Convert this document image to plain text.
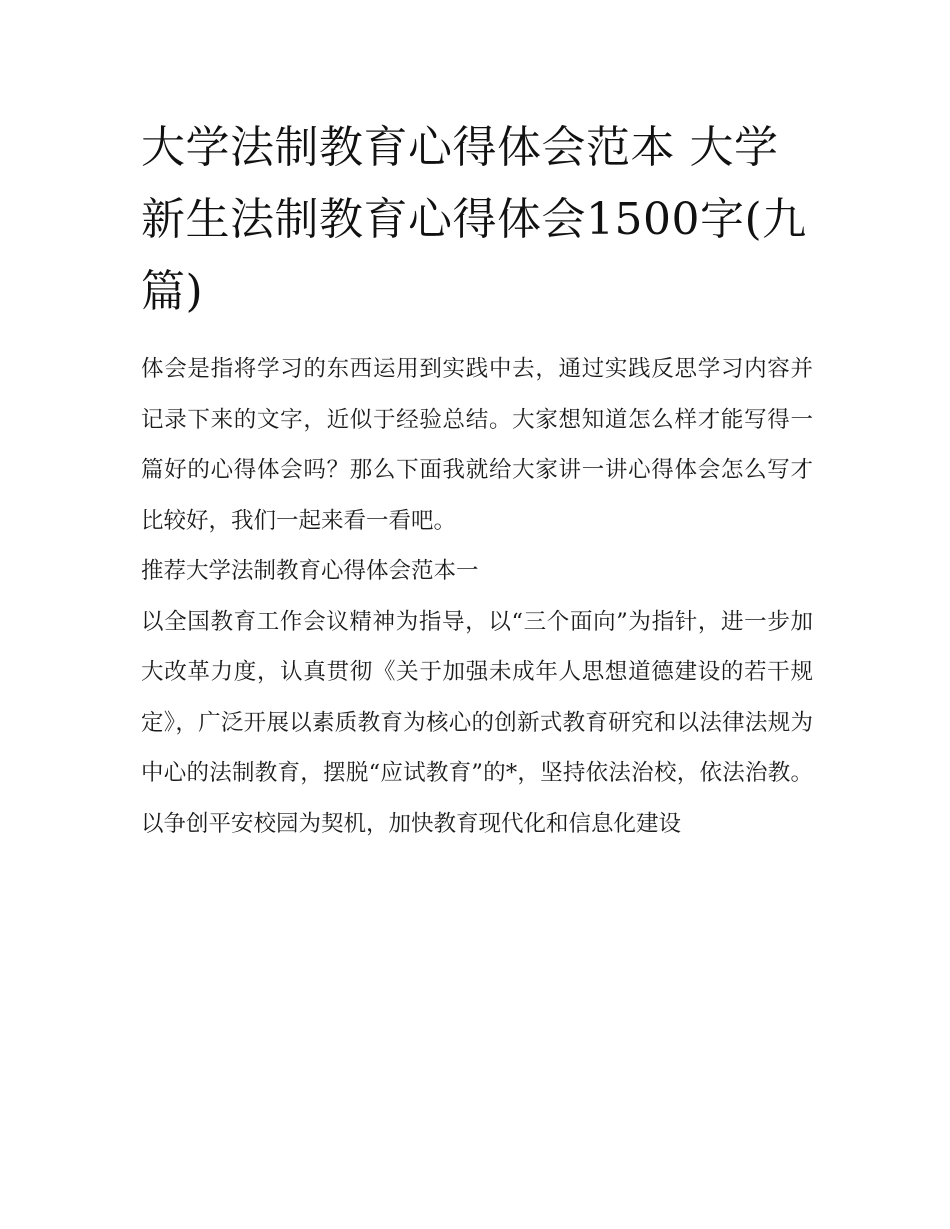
大学法制教育心得体会范本 大学新生法制教育心得体会1500字(九篇)

体会是指将学习的东西运用到实践中去，通过实践反思学习内容并记录下来的文字，近似于经验总结。大家想知道怎么样才能写得一篇好的心得体会吗？那么下面我就给大家讲一讲心得体会怎么写才比较好，我们一起来看一看吧。

推荐大学法制教育心得体会范本一

以全国教育工作会议精神为指导，以“三个面向”为指针，进一步加大改革力度，认真贯彻《关于加强未成年人思想道德建设的若干规定》，广泛开展以素质教育为核心的创新式教育研究和以法律法规为中心的法制教育，摆脱“应试教育”的*，坚持依法治校，依法治教。以争创平安校园为契机，加快教育现代化和信息化建设
